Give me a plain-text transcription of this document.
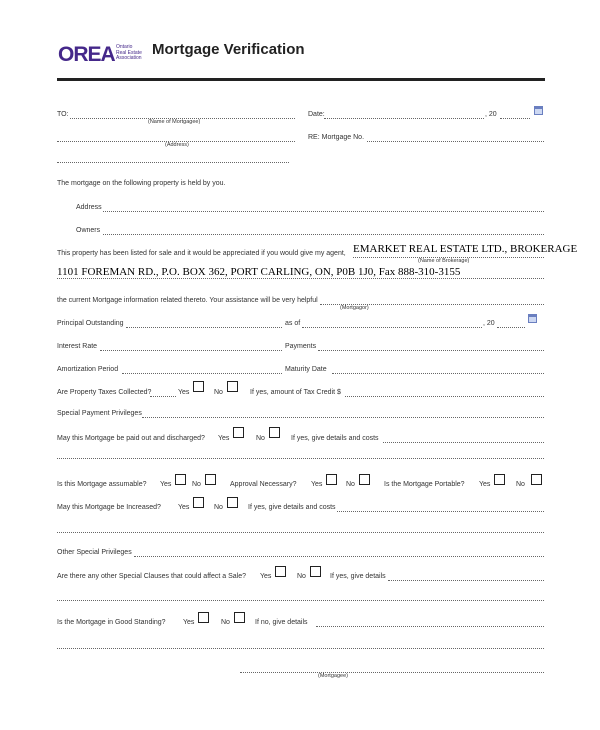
OREA Ontario
Real Estate
Association Mortgage Verification
TO:
(Name of Mortgagee)
Date:	, 20
(Address)
RE: Mortgage No.
The mortgage on the following property is held by you.
Address
Owners
This property has been listed for sale and it would be appreciated if you would give my agent, EMARKET REAL ESTATE LTD., BROKERAGE
(Name of Brokerage)
1101 FOREMAN RD., P.O. BOX 362, PORT CARLING, ON, P0B 1J0, Fax 888-310-3155
the current Mortgage information related thereto. Your assistance will be very helpful
(Mortgagor)
Principal Outstanding	as of	, 20
Interest Rate	Payments
Amortization Period	Maturity Date
Are Property Taxes Collected?	Yes	No	If yes, amount of Tax Credit $
Special Payment Privileges
May this Mortgage be paid out and discharged? Yes	No	If yes, give details and costs
Is this Mortgage assumable? Yes	No	Approval Necessary? Yes	No	Is the Mortgage Portable? Yes	No
May this Mortgage be Increased? Yes	No	If yes, give details and costs
Other Special Privileges
Are there any other Special Clauses that could affect a Sale? Yes	No	If yes, give details
Is the Mortgage in Good Standing? Yes	No	If no, give details
(Mortgagee)
